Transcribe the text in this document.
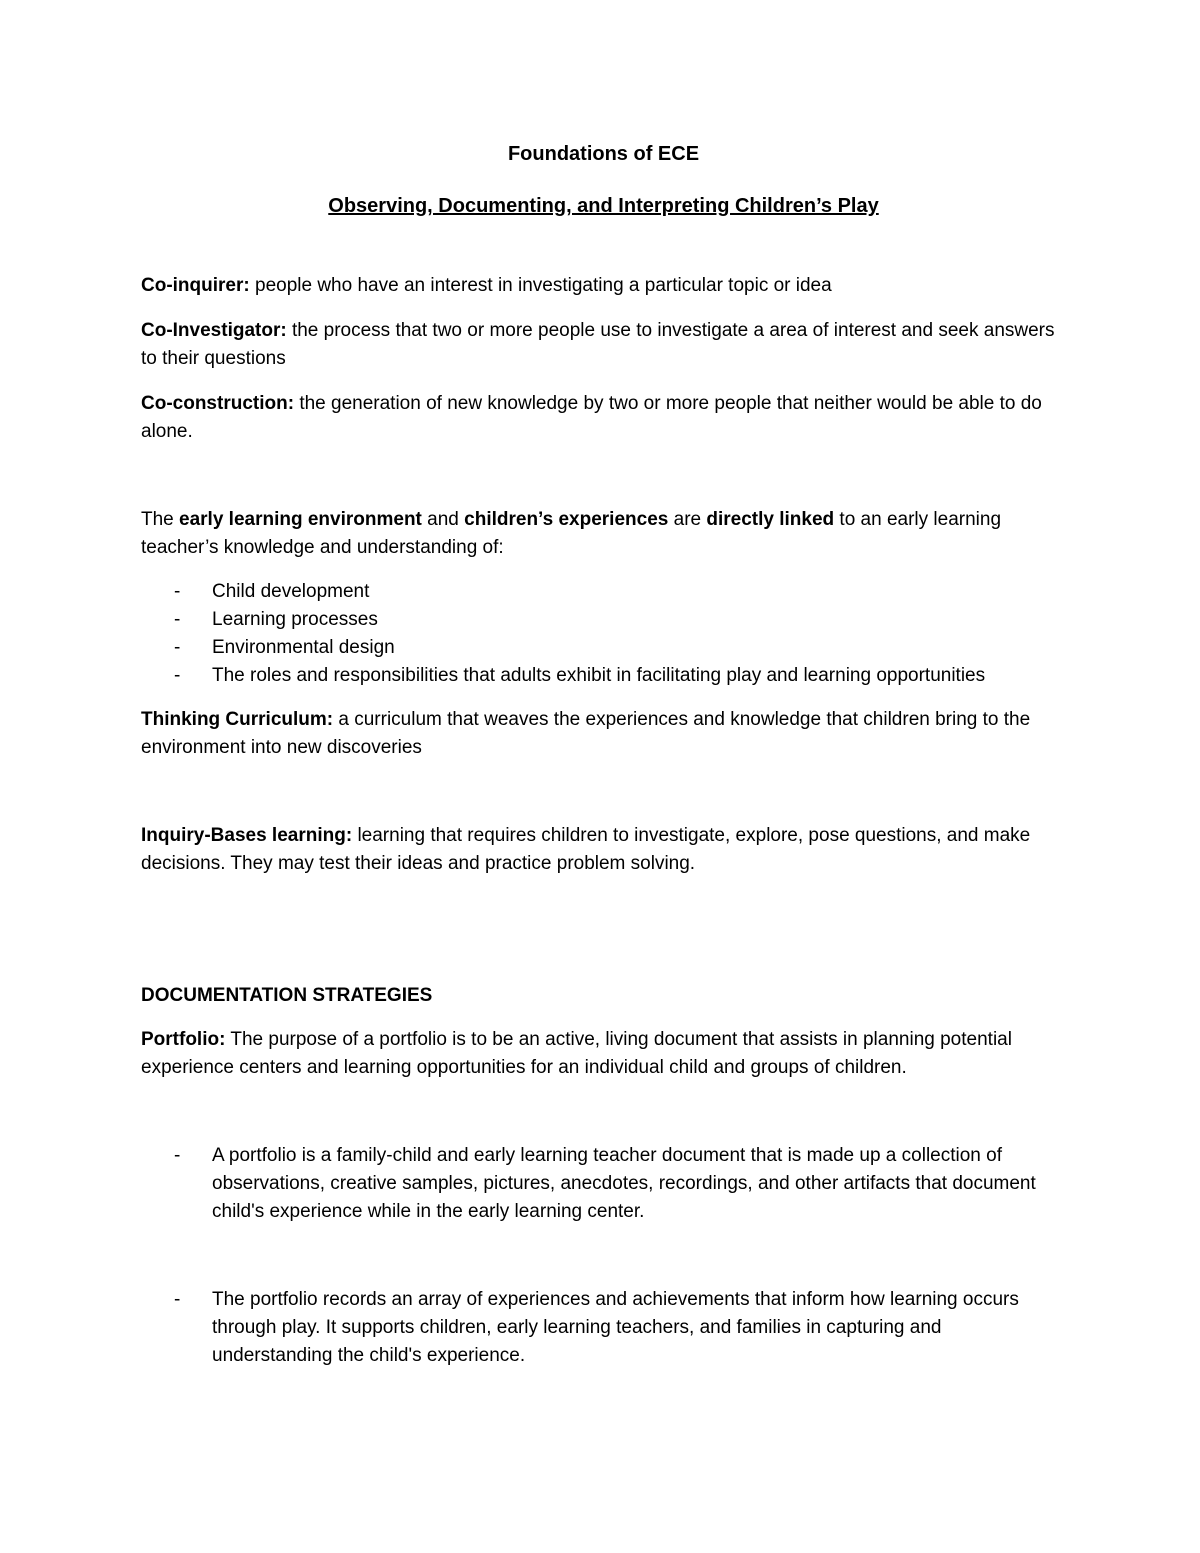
Foundations of ECE

Observing, Documenting, and Interpreting Children’s Play

Co-inquirer: people who have an interest in investigating a particular topic or idea

Co-Investigator: the process that two or more people use to investigate a area of interest and seek answers to their questions

Co-construction: the generation of new knowledge by two or more people that neither would be able to do alone.

The early learning environment and children’s experiences are directly linked to an early learning teacher’s knowledge and understanding of:

- Child development
- Learning processes
- Environmental design
- The roles and responsibilities that adults exhibit in facilitating play and learning opportunities

Thinking Curriculum: a curriculum that weaves the experiences and knowledge that children bring to the environment into new discoveries

Inquiry-Bases learning: learning that requires children to investigate, explore, pose questions, and make decisions. They may test their ideas and practice problem solving.

DOCUMENTATION STRATEGIES

Portfolio: The purpose of a portfolio is to be an active, living document that assists in planning potential experience centers and learning opportunities for an individual child and groups of children.

- A portfolio is a family-child and early learning teacher document that is made up a collection of observations, creative samples, pictures, anecdotes, recordings, and other artifacts that document child's experience while in the early learning center.
- The portfolio records an array of experiences and achievements that inform how learning occurs through play. It supports children, early learning teachers, and families in capturing and understanding the child's experience.
